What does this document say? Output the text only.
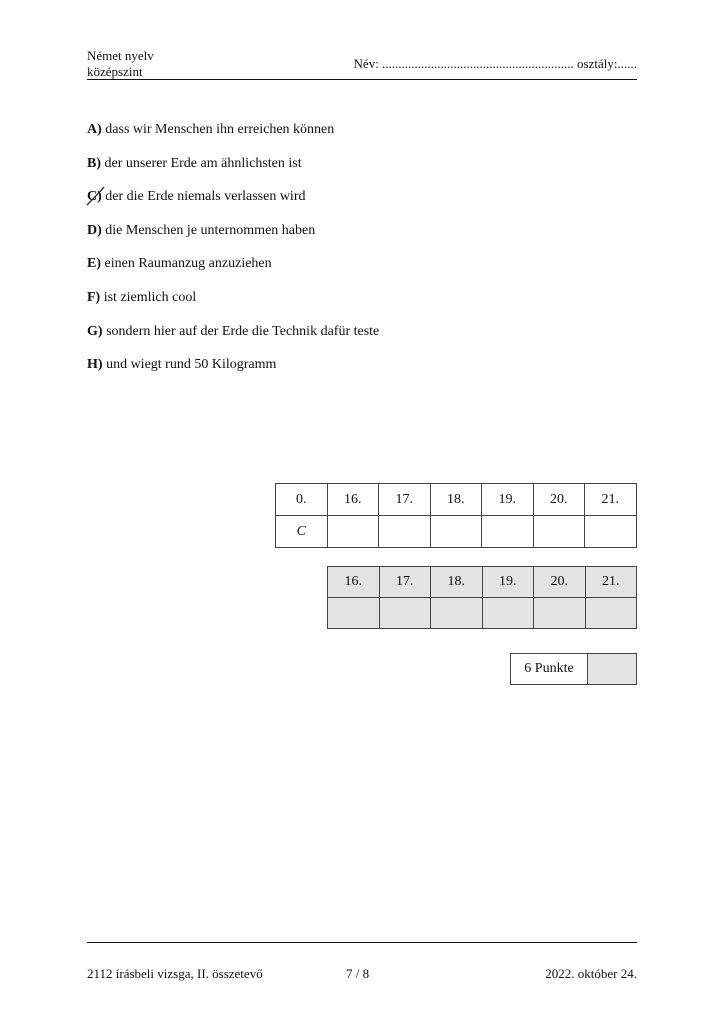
Német nyelv
középszint
Név: ........................................................... osztály:......
A) dass wir Menschen ihn erreichen können
B) der unserer Erde am ähnlichsten ist
C) der die Erde niemals verlassen wird
D) die Menschen je unternommen haben
E) einen Raumanzug anzuziehen
F) ist ziemlich cool
G) sondern hier auf der Erde die Technik dafür teste
H) und wiegt rund 50 Kilogramm
0.	16.	17.	18.	19.	20.	21.
C						
16.	17.	18.	19.	20.	21.

6 Punkte	
2112 írásbeli vizsga, II. összetevő	7 / 8	2022. október 24.
